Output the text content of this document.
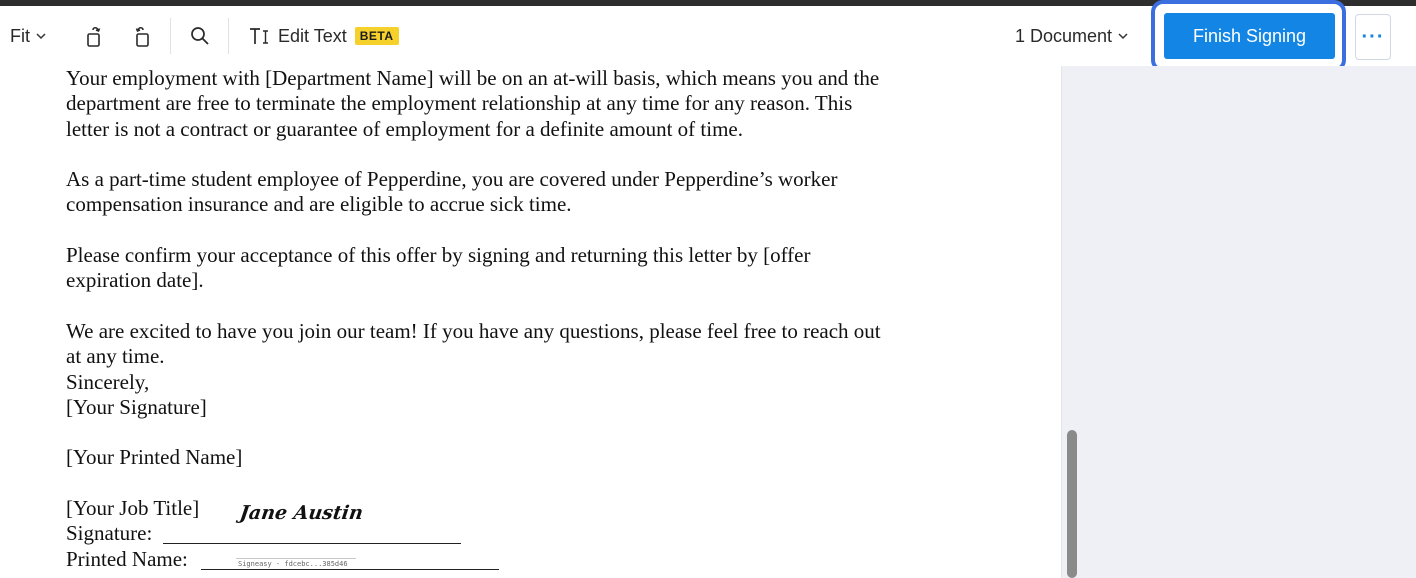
Fit	Edit Text	BETA	1 Document	Finish Signing	···
Your employment with [Department Name] will be on an at-will basis, which means you and the
department are free to terminate the employment relationship at any time for any reason. This
letter is not a contract or guarantee of employment for a definite amount of time.
As a part-time student employee of Pepperdine, you are covered under Pepperdine’s worker
compensation insurance and are eligible to accrue sick time.
Please confirm your acceptance of this offer by signing and returning this letter by [offer
expiration date].
We are excited to have you join our team! If you have any questions, please feel free to reach out
at any time.
Sincerely,
[Your Signature]
[Your Printed Name]
[Your Job Title]
Signature:
Printed Name:
Jane Austin
Signeasy - fdcebc...385d46
